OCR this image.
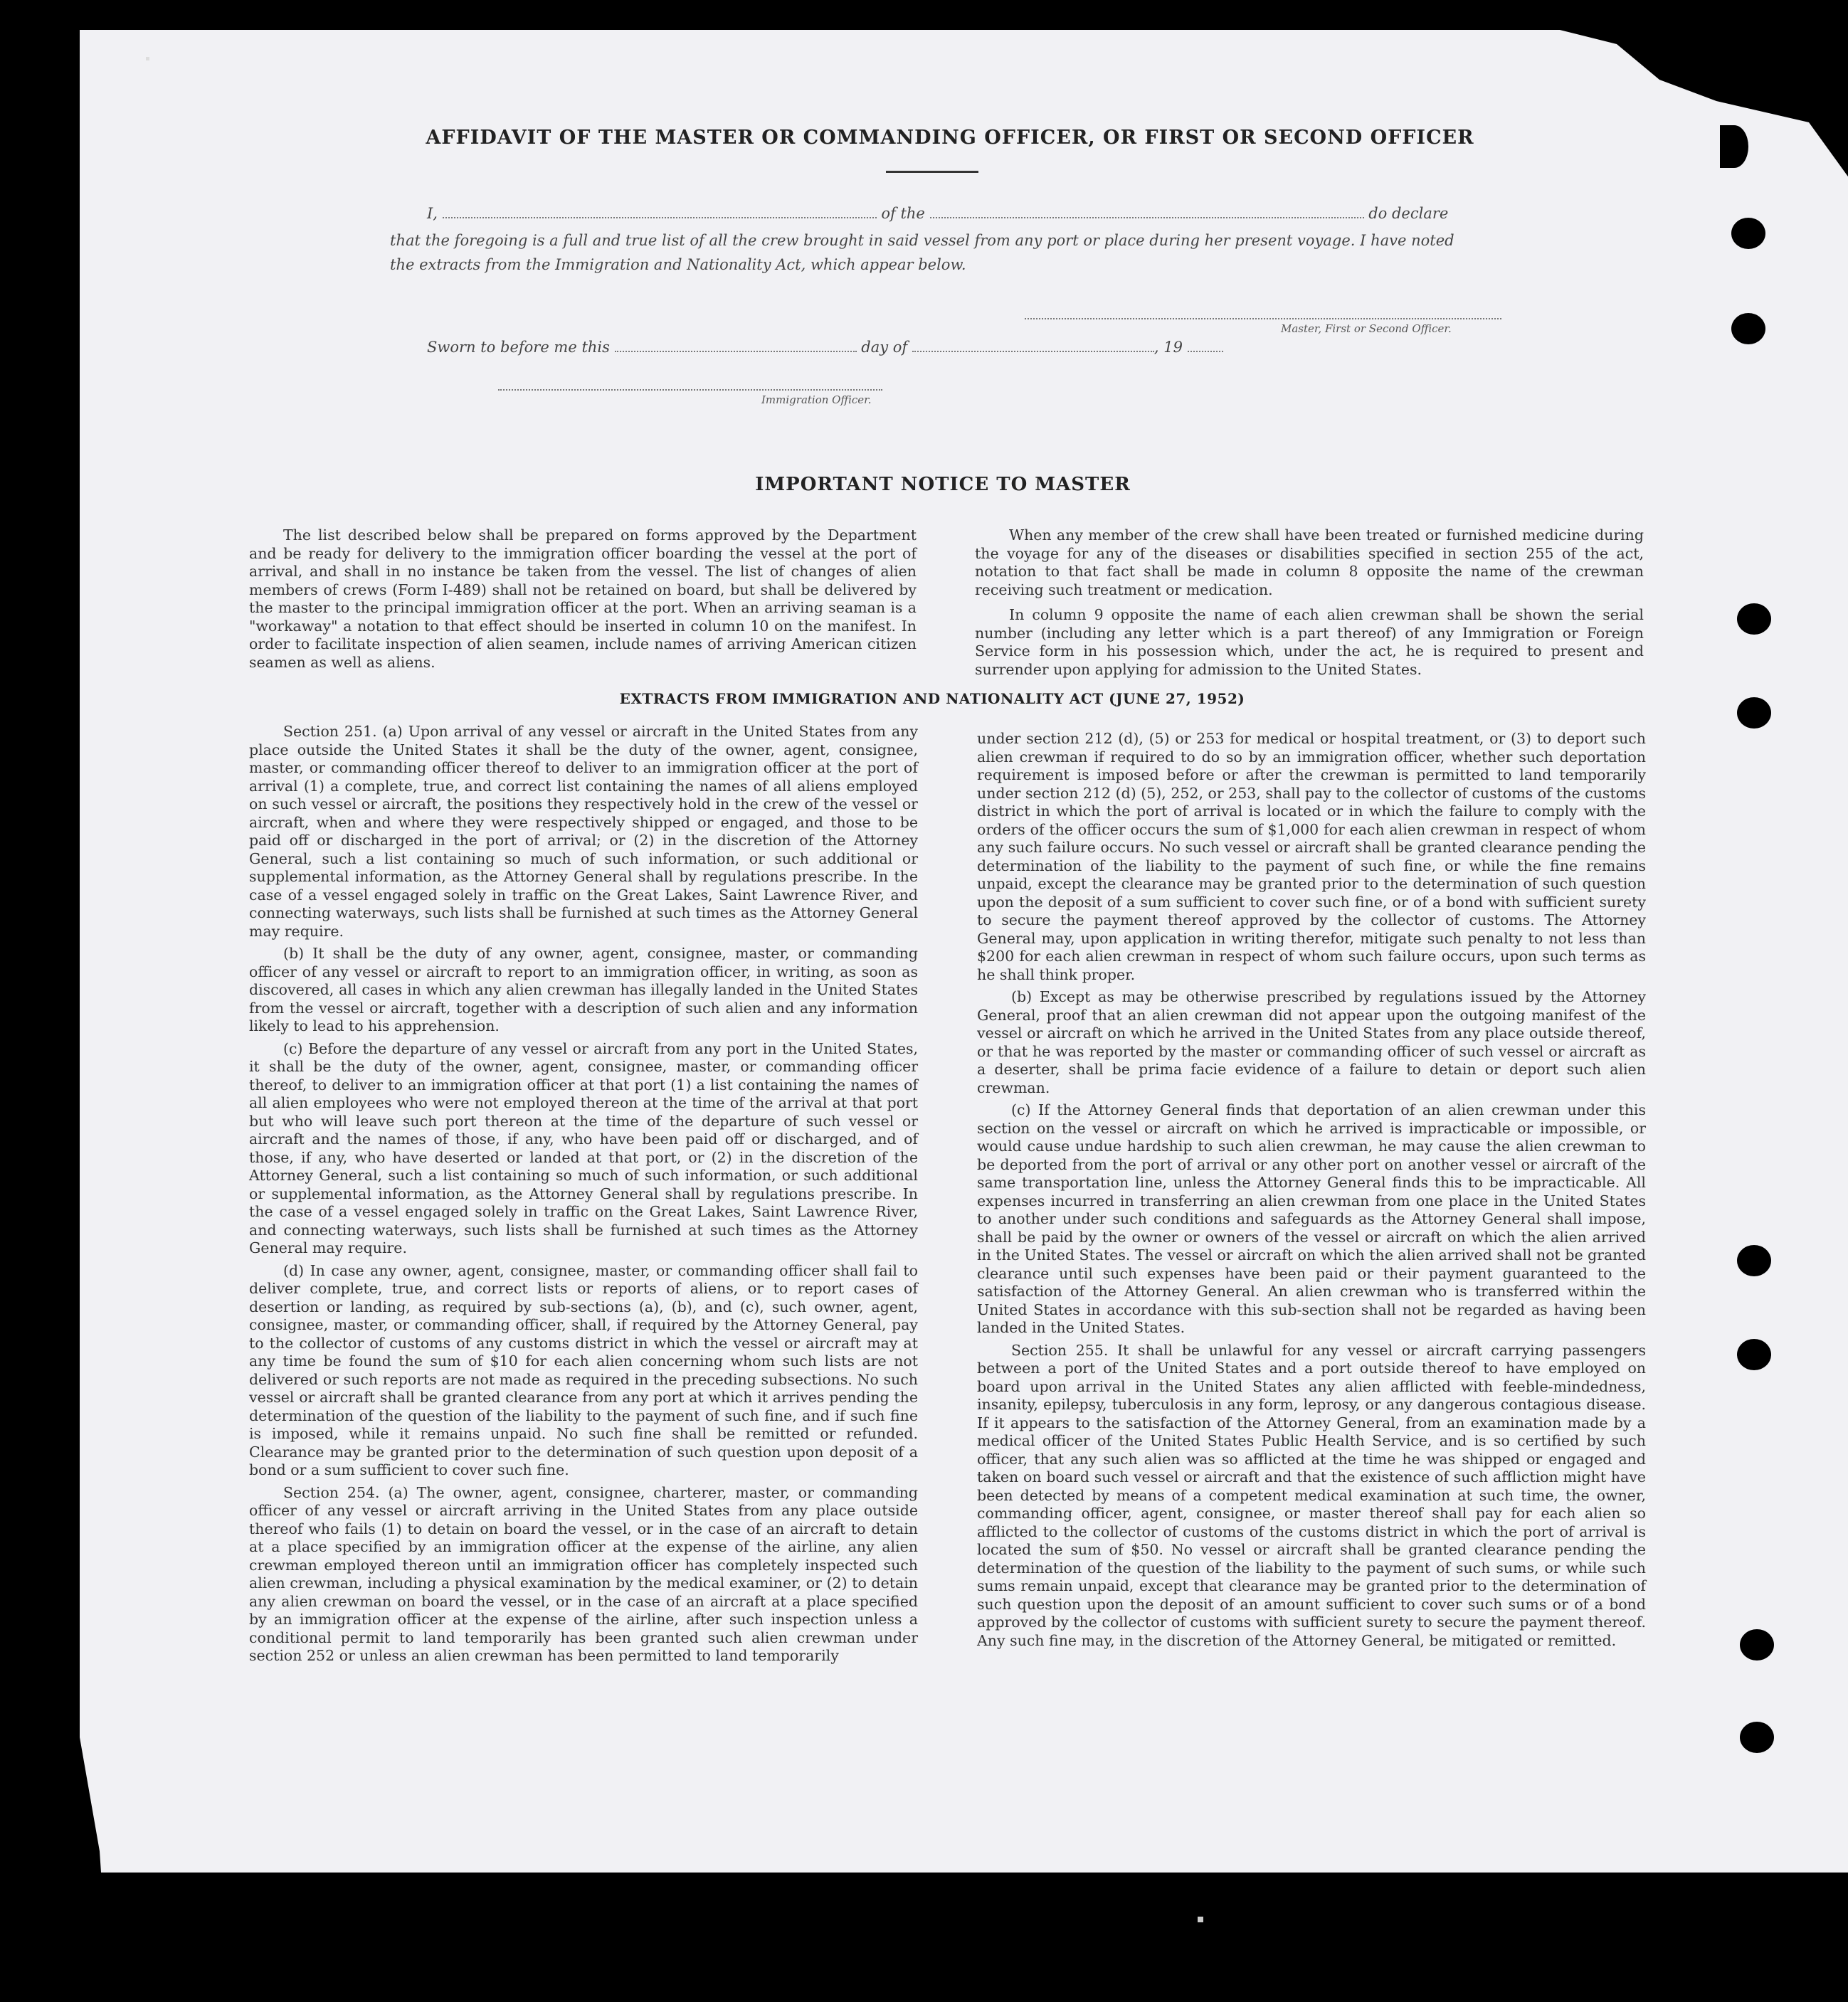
AFFIDAVIT OF THE MASTER OR COMMANDING OFFICER, OR FIRST OR SECOND OFFICER
I,	of the	do declare
that the foregoing is a full and true list of all the crew brought in said vessel from any port or place during her present voyage. I have noted
the extracts from the Immigration and Nationality Act, which appear below.
Master, First or Second Officer.
Sworn to before me this	day of	, 19
Immigration Officer.
IMPORTANT NOTICE TO MASTER

The list described below shall be prepared on forms approved by the Department and be ready for delivery to the immigration officer boarding the vessel at the port of arrival, and shall in no instance be taken from the vessel. The list of changes of alien members of crews (Form I-489) shall not be retained on board, but shall be delivered by the master to the principal immigration officer at the port. When an arriving seaman is a "workaway" a notation to that effect should be inserted in column 10 on the manifest. In order to facilitate inspection of alien seamen, include names of arriving American citizen seamen as well as aliens.

When any member of the crew shall have been treated or furnished medicine during the voyage for any of the diseases or disabilities specified in section 255 of the act, notation to that fact shall be made in column 8 opposite the name of the crewman receiving such treatment or medication.

In column 9 opposite the name of each alien crewman shall be shown the serial number (including any letter which is a part thereof) of any Immigration or Foreign Service form in his possession which, under the act, he is required to present and surrender upon applying for admission to the United States.

EXTRACTS FROM IMMIGRATION AND NATIONALITY ACT (JUNE 27, 1952)

Section 251. (a) Upon arrival of any vessel or aircraft in the United States from any place outside the United States it shall be the duty of the owner, agent, consignee, master, or commanding officer thereof to deliver to an immigration officer at the port of arrival (1) a complete, true, and correct list containing the names of all aliens employed on such vessel or aircraft, the positions they respectively hold in the crew of the vessel or aircraft, when and where they were respectively shipped or engaged, and those to be paid off or discharged in the port of arrival; or (2) in the discretion of the Attorney General, such a list containing so much of such information, or such additional or supplemental information, as the Attorney General shall by regulations prescribe. In the case of a vessel engaged solely in traffic on the Great Lakes, Saint Lawrence River, and connecting waterways, such lists shall be furnished at such times as the Attorney General may require.

(b) It shall be the duty of any owner, agent, consignee, master, or commanding officer of any vessel or aircraft to report to an immigration officer, in writing, as soon as discovered, all cases in which any alien crewman has illegally landed in the United States from the vessel or aircraft, together with a description of such alien and any information likely to lead to his apprehension.

(c) Before the departure of any vessel or aircraft from any port in the United States, it shall be the duty of the owner, agent, consignee, master, or commanding officer thereof, to deliver to an immigration officer at that port (1) a list containing the names of all alien employees who were not employed thereon at the time of the arrival at that port but who will leave such port thereon at the time of the departure of such vessel or aircraft and the names of those, if any, who have been paid off or discharged, and of those, if any, who have deserted or landed at that port, or (2) in the discretion of the Attorney General, such a list containing so much of such information, or such additional or supplemental information, as the Attorney General shall by regulations prescribe. In the case of a vessel engaged solely in traffic on the Great Lakes, Saint Lawrence River, and connecting waterways, such lists shall be furnished at such times as the Attorney General may require.

(d) In case any owner, agent, consignee, master, or commanding officer shall fail to deliver complete, true, and correct lists or reports of aliens, or to report cases of desertion or landing, as required by sub-sections (a), (b), and (c), such owner, agent, consignee, master, or commanding officer, shall, if required by the Attorney General, pay to the collector of customs of any customs district in which the vessel or aircraft may at any time be found the sum of $10 for each alien concerning whom such lists are not delivered or such reports are not made as required in the preceding subsections. No such vessel or aircraft shall be granted clearance from any port at which it arrives pending the determination of the question of the liability to the payment of such fine, and if such fine is imposed, while it remains unpaid. No such fine shall be remitted or refunded. Clearance may be granted prior to the determination of such question upon deposit of a bond or a sum sufficient to cover such fine.

Section 254. (a) The owner, agent, consignee, charterer, master, or commanding officer of any vessel or aircraft arriving in the United States from any place outside thereof who fails (1) to detain on board the vessel, or in the case of an aircraft to detain at a place specified by an immigration officer at the expense of the airline, any alien crewman employed thereon until an immigration officer has completely inspected such alien crewman, including a physical examination by the medical examiner, or (2) to detain any alien crewman on board the vessel, or in the case of an aircraft at a place specified by an immigration officer at the expense of the airline, after such inspection unless a conditional permit to land temporarily has been granted such alien crewman under section 252 or unless an alien crewman has been permitted to land temporarily

under section 212 (d), (5) or 253 for medical or hospital treatment, or (3) to deport such alien crewman if required to do so by an immigration officer, whether such deportation requirement is imposed before or after the crewman is permitted to land temporarily under section 212 (d) (5), 252, or 253, shall pay to the collector of customs of the customs district in which the port of arrival is located or in which the failure to comply with the orders of the officer occurs the sum of $1,000 for each alien crewman in respect of whom any such failure occurs. No such vessel or aircraft shall be granted clearance pending the determination of the liability to the payment of such fine, or while the fine remains unpaid, except the clearance may be granted prior to the determination of such question upon the deposit of a sum sufficient to cover such fine, or of a bond with sufficient surety to secure the payment thereof approved by the collector of customs. The Attorney General may, upon application in writing therefor, mitigate such penalty to not less than $200 for each alien crewman in respect of whom such failure occurs, upon such terms as he shall think proper.

(b) Except as may be otherwise prescribed by regulations issued by the Attorney General, proof that an alien crewman did not appear upon the outgoing manifest of the vessel or aircraft on which he arrived in the United States from any place outside thereof, or that he was reported by the master or commanding officer of such vessel or aircraft as a deserter, shall be prima facie evidence of a failure to detain or deport such alien crewman.

(c) If the Attorney General finds that deportation of an alien crewman under this section on the vessel or aircraft on which he arrived is impracticable or impossible, or would cause undue hardship to such alien crewman, he may cause the alien crewman to be deported from the port of arrival or any other port on another vessel or aircraft of the same transportation line, unless the Attorney General finds this to be impracticable. All expenses incurred in transferring an alien crewman from one place in the United States to another under such conditions and safeguards as the Attorney General shall impose, shall be paid by the owner or owners of the vessel or aircraft on which the alien arrived in the United States. The vessel or aircraft on which the alien arrived shall not be granted clearance until such expenses have been paid or their payment guaranteed to the satisfaction of the Attorney General. An alien crewman who is transferred within the United States in accordance with this sub-section shall not be regarded as having been landed in the United States.

Section 255. It shall be unlawful for any vessel or aircraft carrying passengers between a port of the United States and a port outside thereof to have employed on board upon arrival in the United States any alien afflicted with feeble-mindedness, insanity, epilepsy, tuberculosis in any form, leprosy, or any dangerous contagious disease. If it appears to the satisfaction of the Attorney General, from an examination made by a medical officer of the United States Public Health Service, and is so certified by such officer, that any such alien was so afflicted at the time he was shipped or engaged and taken on board such vessel or aircraft and that the existence of such affliction might have been detected by means of a competent medical examination at such time, the owner, commanding officer, agent, consignee, or master thereof shall pay for each alien so afflicted to the collector of customs of the customs district in which the port of arrival is located the sum of $50. No vessel or aircraft shall be granted clearance pending the determination of the question of the liability to the payment of such sums, or while such sums remain unpaid, except that clearance may be granted prior to the determination of such question upon the deposit of an amount sufficient to cover such sums or of a bond approved by the collector of customs with sufficient surety to secure the payment thereof. Any such fine may, in the discretion of the Attorney General, be mitigated or remitted.
